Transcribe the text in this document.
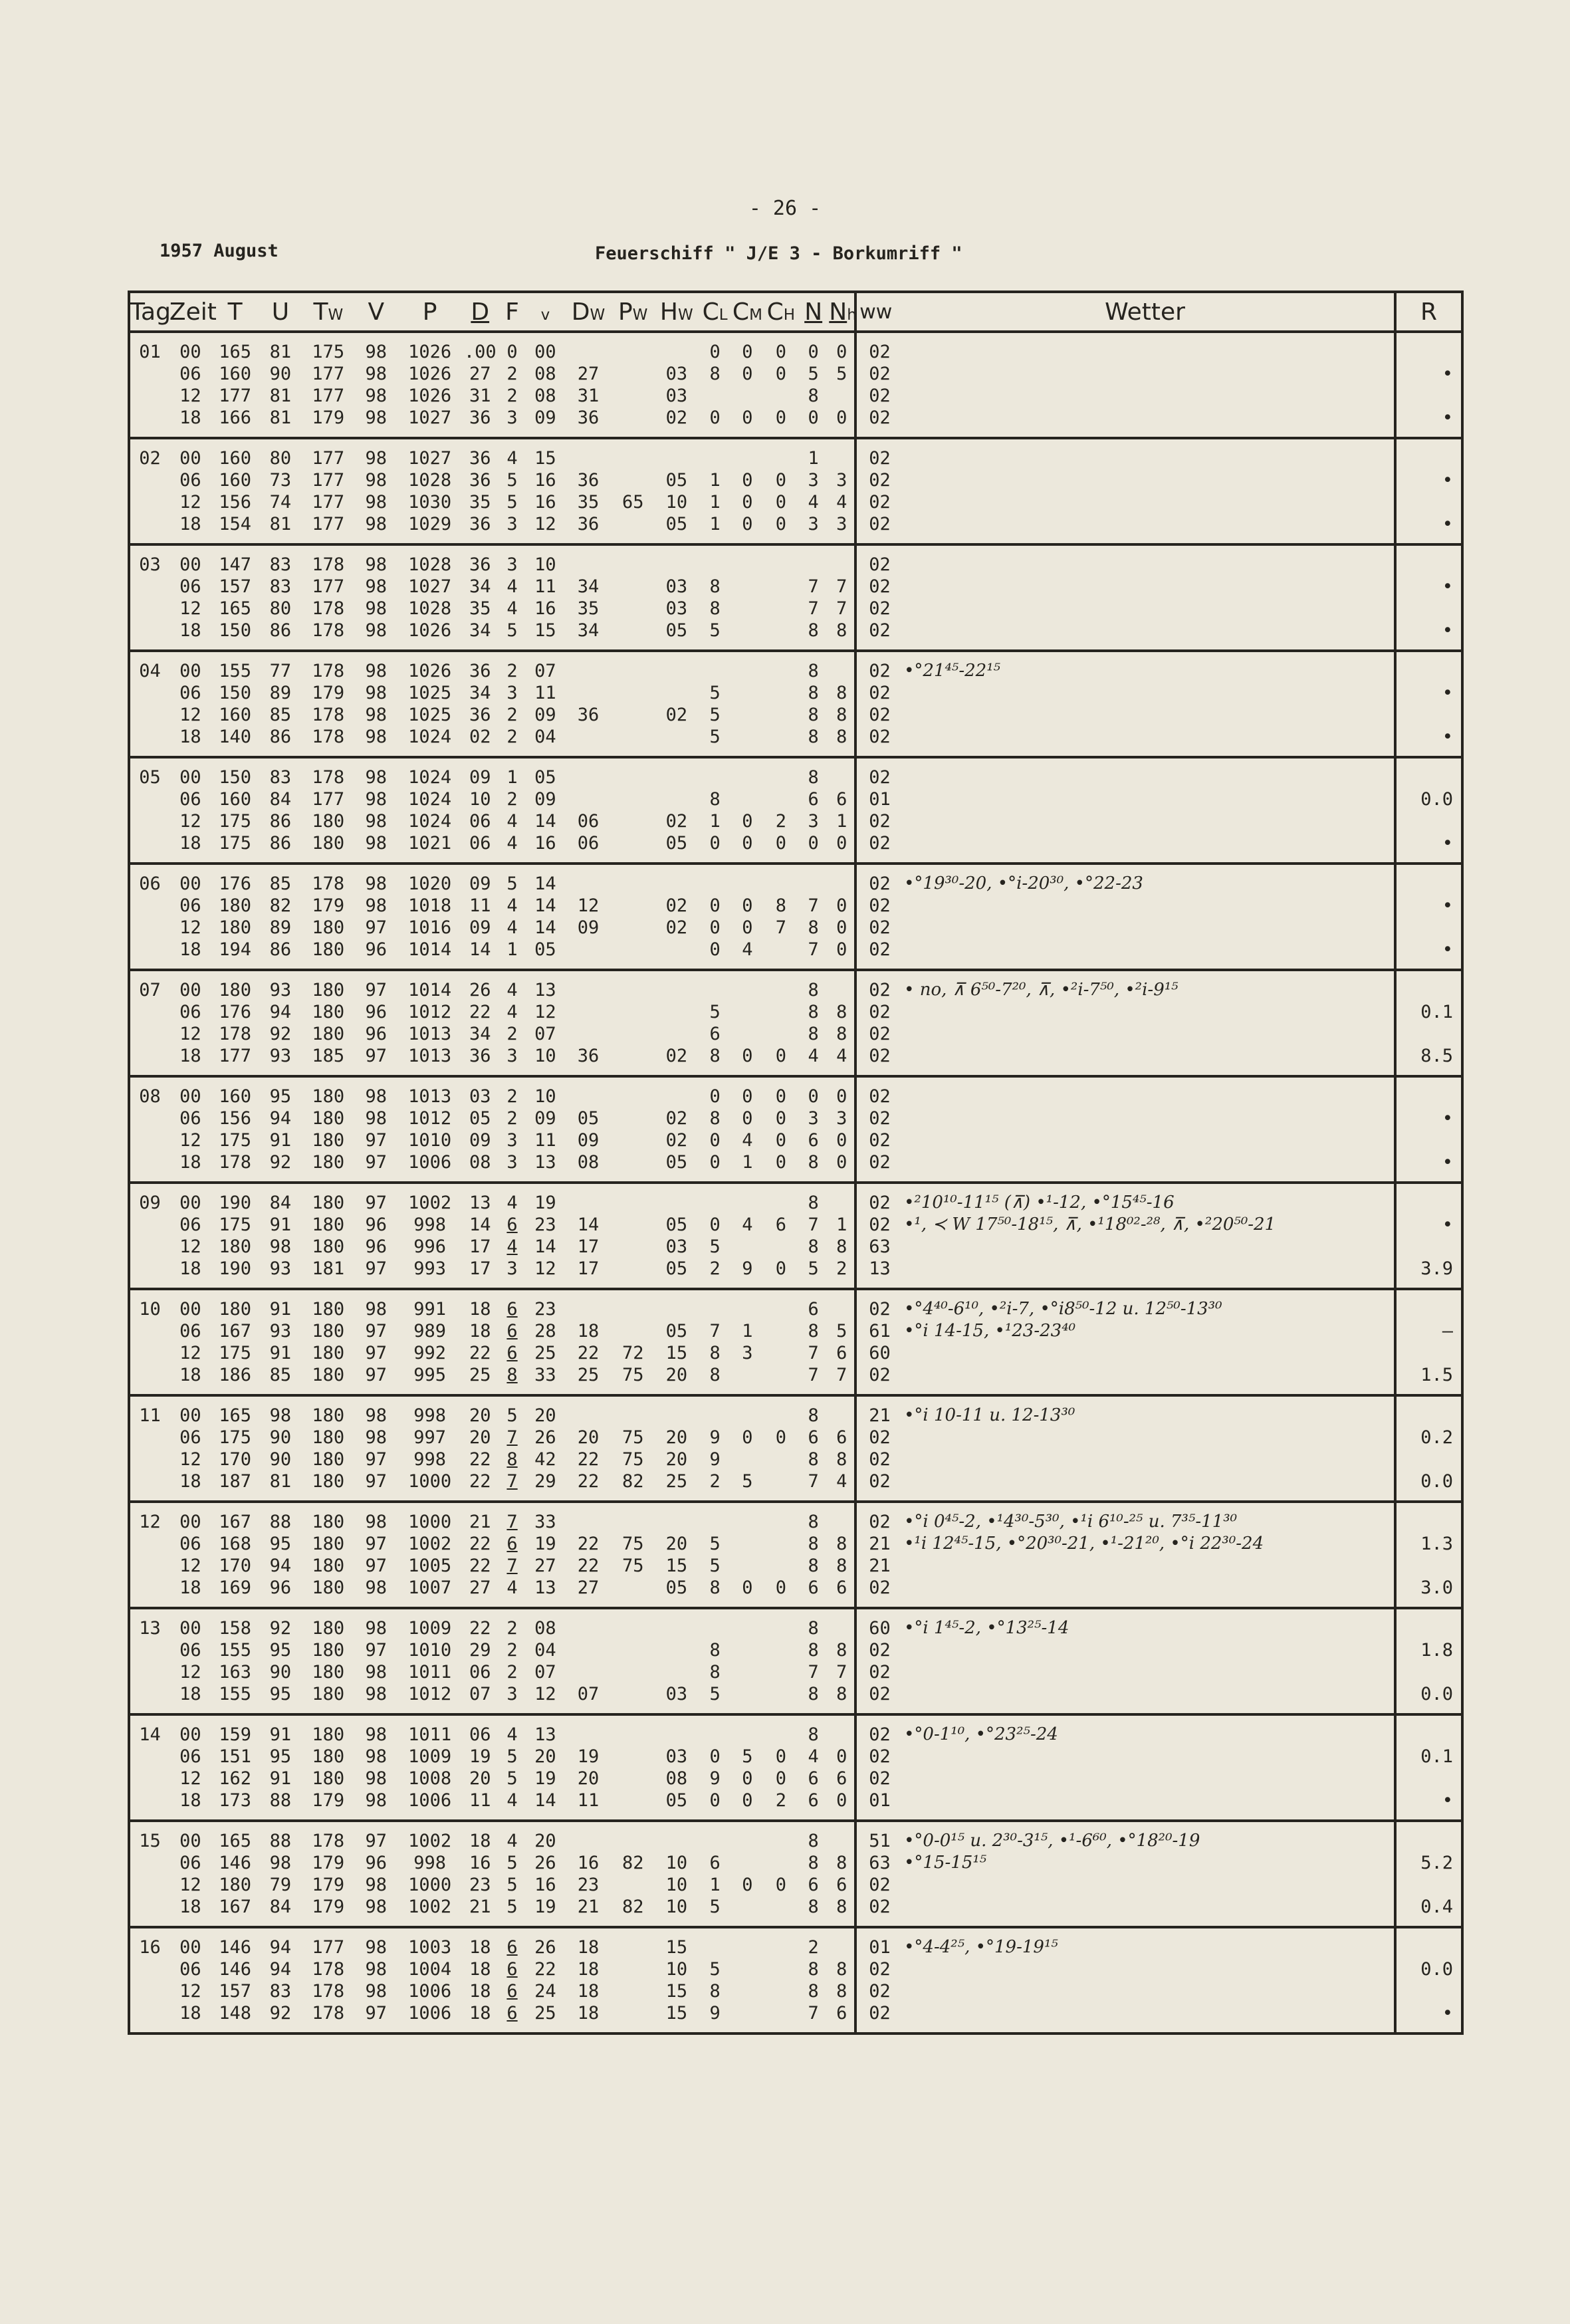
- 26 -
1957 August	Feuerschiff " J/E 3 - Borkumriff "
Tag	Zeit	T	U	TW	V	P	D	F	v	DW	PW	HW	CL	CM	CH	N	Nh	ww	Wetter	R
01	00	165	81	175	98	1026	.00	0	00				0	0	0	0	0	02		
	06	160	90	177	98	1026	27	2	08	27		03	8	0	0	5	5	02		•
	12	177	81	177	98	1026	31	2	08	31		03				8		02		
	18	166	81	179	98	1027	36	3	09	36		02	0	0	0	0	0	02		•
02	00	160	80	177	98	1027	36	4	15							1		02		
	06	160	73	177	98	1028	36	5	16	36		05	1	0	0	3	3	02		•
	12	156	74	177	98	1030	35	5	16	35	65	10	1	0	0	4	4	02		
	18	154	81	177	98	1029	36	3	12	36		05	1	0	0	3	3	02		•
03	00	147	83	178	98	1028	36	3	10									02		
	06	157	83	177	98	1027	34	4	11	34		03	8			7	7	02		•
	12	165	80	178	98	1028	35	4	16	35		03	8			7	7	02		
	18	150	86	178	98	1026	34	5	15	34		05	5			8	8	02		•
04	00	155	77	178	98	1026	36	2	07							8		02	•°21⁴⁵-22¹⁵	
	06	150	89	179	98	1025	34	3	11				5			8	8	02		•
	12	160	85	178	98	1025	36	2	09	36		02	5			8	8	02		
	18	140	86	178	98	1024	02	2	04				5			8	8	02		•
05	00	150	83	178	98	1024	09	1	05							8		02		
	06	160	84	177	98	1024	10	2	09				8			6	6	01		0.0
	12	175	86	180	98	1024	06	4	14	06		02	1	0	2	3	1	02		
	18	175	86	180	98	1021	06	4	16	06		05	0	0	0	0	0	02		•
06	00	176	85	178	98	1020	09	5	14									02	•°19³⁰-20, •°i-20³⁰, •°22-23	
	06	180	82	179	98	1018	11	4	14	12		02	0	0	8	7	0	02		•
	12	180	89	180	97	1016	09	4	14	09		02	0	0	7	8	0	02		
	18	194	86	180	96	1014	14	1	05				0	4		7	0	02		•
07	00	180	93	180	97	1014	26	4	13							8		02	• no, ⊼ 6⁵⁰-7²⁰, ⊼, •²i-7⁵⁰, •²i-9¹⁵	
	06	176	94	180	96	1012	22	4	12				5			8	8	02		0.1
	12	178	92	180	96	1013	34	2	07				6			8	8	02		
	18	177	93	185	97	1013	36	3	10	36		02	8	0	0	4	4	02		8.5
08	00	160	95	180	98	1013	03	2	10				0	0	0	0	0	02		
	06	156	94	180	98	1012	05	2	09	05		02	8	0	0	3	3	02		•
	12	175	91	180	97	1010	09	3	11	09		02	0	4	0	6	0	02		
	18	178	92	180	97	1006	08	3	13	08		05	0	1	0	8	0	02		•
09	00	190	84	180	97	1002	13	4	19							8		02	•²10¹⁰-11¹⁵ (⊼) •¹-12, •°15⁴⁵-16	
	06	175	91	180	96	998	14	6	23	14		05	0	4	6	7	1	02	•¹, ≺ W 17⁵⁰-18¹⁵, ⊼, •¹18⁰²-²⁸, ⊼, •²20⁵⁰-21	•
	12	180	98	180	96	996	17	4	14	17		03	5			8	8	63		
	18	190	93	181	97	993	17	3	12	17		05	2	9	0	5	2	13		3.9
10	00	180	91	180	98	991	18	6	23							6		02	•°4⁴⁰-6¹⁰, •²i-7, •°i8⁵⁰-12 u. 12⁵⁰-13³⁰	
	06	167	93	180	97	989	18	6	28	18		05	7	1		8	5	61	•°i 14-15, •¹23-23⁴⁰	–
	12	175	91	180	97	992	22	6	25	22	72	15	8	3		7	6	60		
	18	186	85	180	97	995	25	8	33	25	75	20	8			7	7	02		1.5
11	00	165	98	180	98	998	20	5	20							8		21	•°i 10-11 u. 12-13³⁰	
	06	175	90	180	98	997	20	7	26	20	75	20	9	0	0	6	6	02		0.2
	12	170	90	180	97	998	22	8	42	22	75	20	9			8	8	02		
	18	187	81	180	97	1000	22	7	29	22	82	25	2	5		7	4	02		0.0
12	00	167	88	180	98	1000	21	7	33							8		02	•°i 0⁴⁵-2, •¹4³⁰-5³⁰, •¹i 6¹⁰-²⁵ u. 7³⁵-11³⁰	
	06	168	95	180	97	1002	22	6	19	22	75	20	5			8	8	21	•¹i 12⁴⁵-15, •°20³⁰-21, •¹-21²⁰, •°i 22³⁰-24	1.3
	12	170	94	180	97	1005	22	7	27	22	75	15	5			8	8	21		
	18	169	96	180	98	1007	27	4	13	27		05	8	0	0	6	6	02		3.0
13	00	158	92	180	98	1009	22	2	08							8		60	•°i 1⁴⁵-2, •°13²⁵-14	
	06	155	95	180	97	1010	29	2	04				8			8	8	02		1.8
	12	163	90	180	98	1011	06	2	07				8			7	7	02		
	18	155	95	180	98	1012	07	3	12	07		03	5			8	8	02		0.0
14	00	159	91	180	98	1011	06	4	13							8		02	•°0-1¹⁰, •°23²⁵-24	
	06	151	95	180	98	1009	19	5	20	19		03	0	5	0	4	0	02		0.1
	12	162	91	180	98	1008	20	5	19	20		08	9	0	0	6	6	02		
	18	173	88	179	98	1006	11	4	14	11		05	0	0	2	6	0	01		•
15	00	165	88	178	97	1002	18	4	20							8		51	•°0-0¹⁵ u. 2³⁰-3¹⁵, •¹-6⁶⁰, •°18²⁰-19	
	06	146	98	179	96	998	16	5	26	16	82	10	6			8	8	63	•°15-15¹⁵	5.2
	12	180	79	179	98	1000	23	5	16	23		10	1	0	0	6	6	02		
	18	167	84	179	98	1002	21	5	19	21	82	10	5			8	8	02		0.4
16	00	146	94	177	98	1003	18	6	26	18		15				2		01	•°4-4²⁵, •°19-19¹⁵	
	06	146	94	178	98	1004	18	6	22	18		10	5			8	8	02		0.0
	12	157	83	178	98	1006	18	6	24	18		15	8			8	8	02		
	18	148	92	178	97	1006	18	6	25	18		15	9			7	6	02		•
